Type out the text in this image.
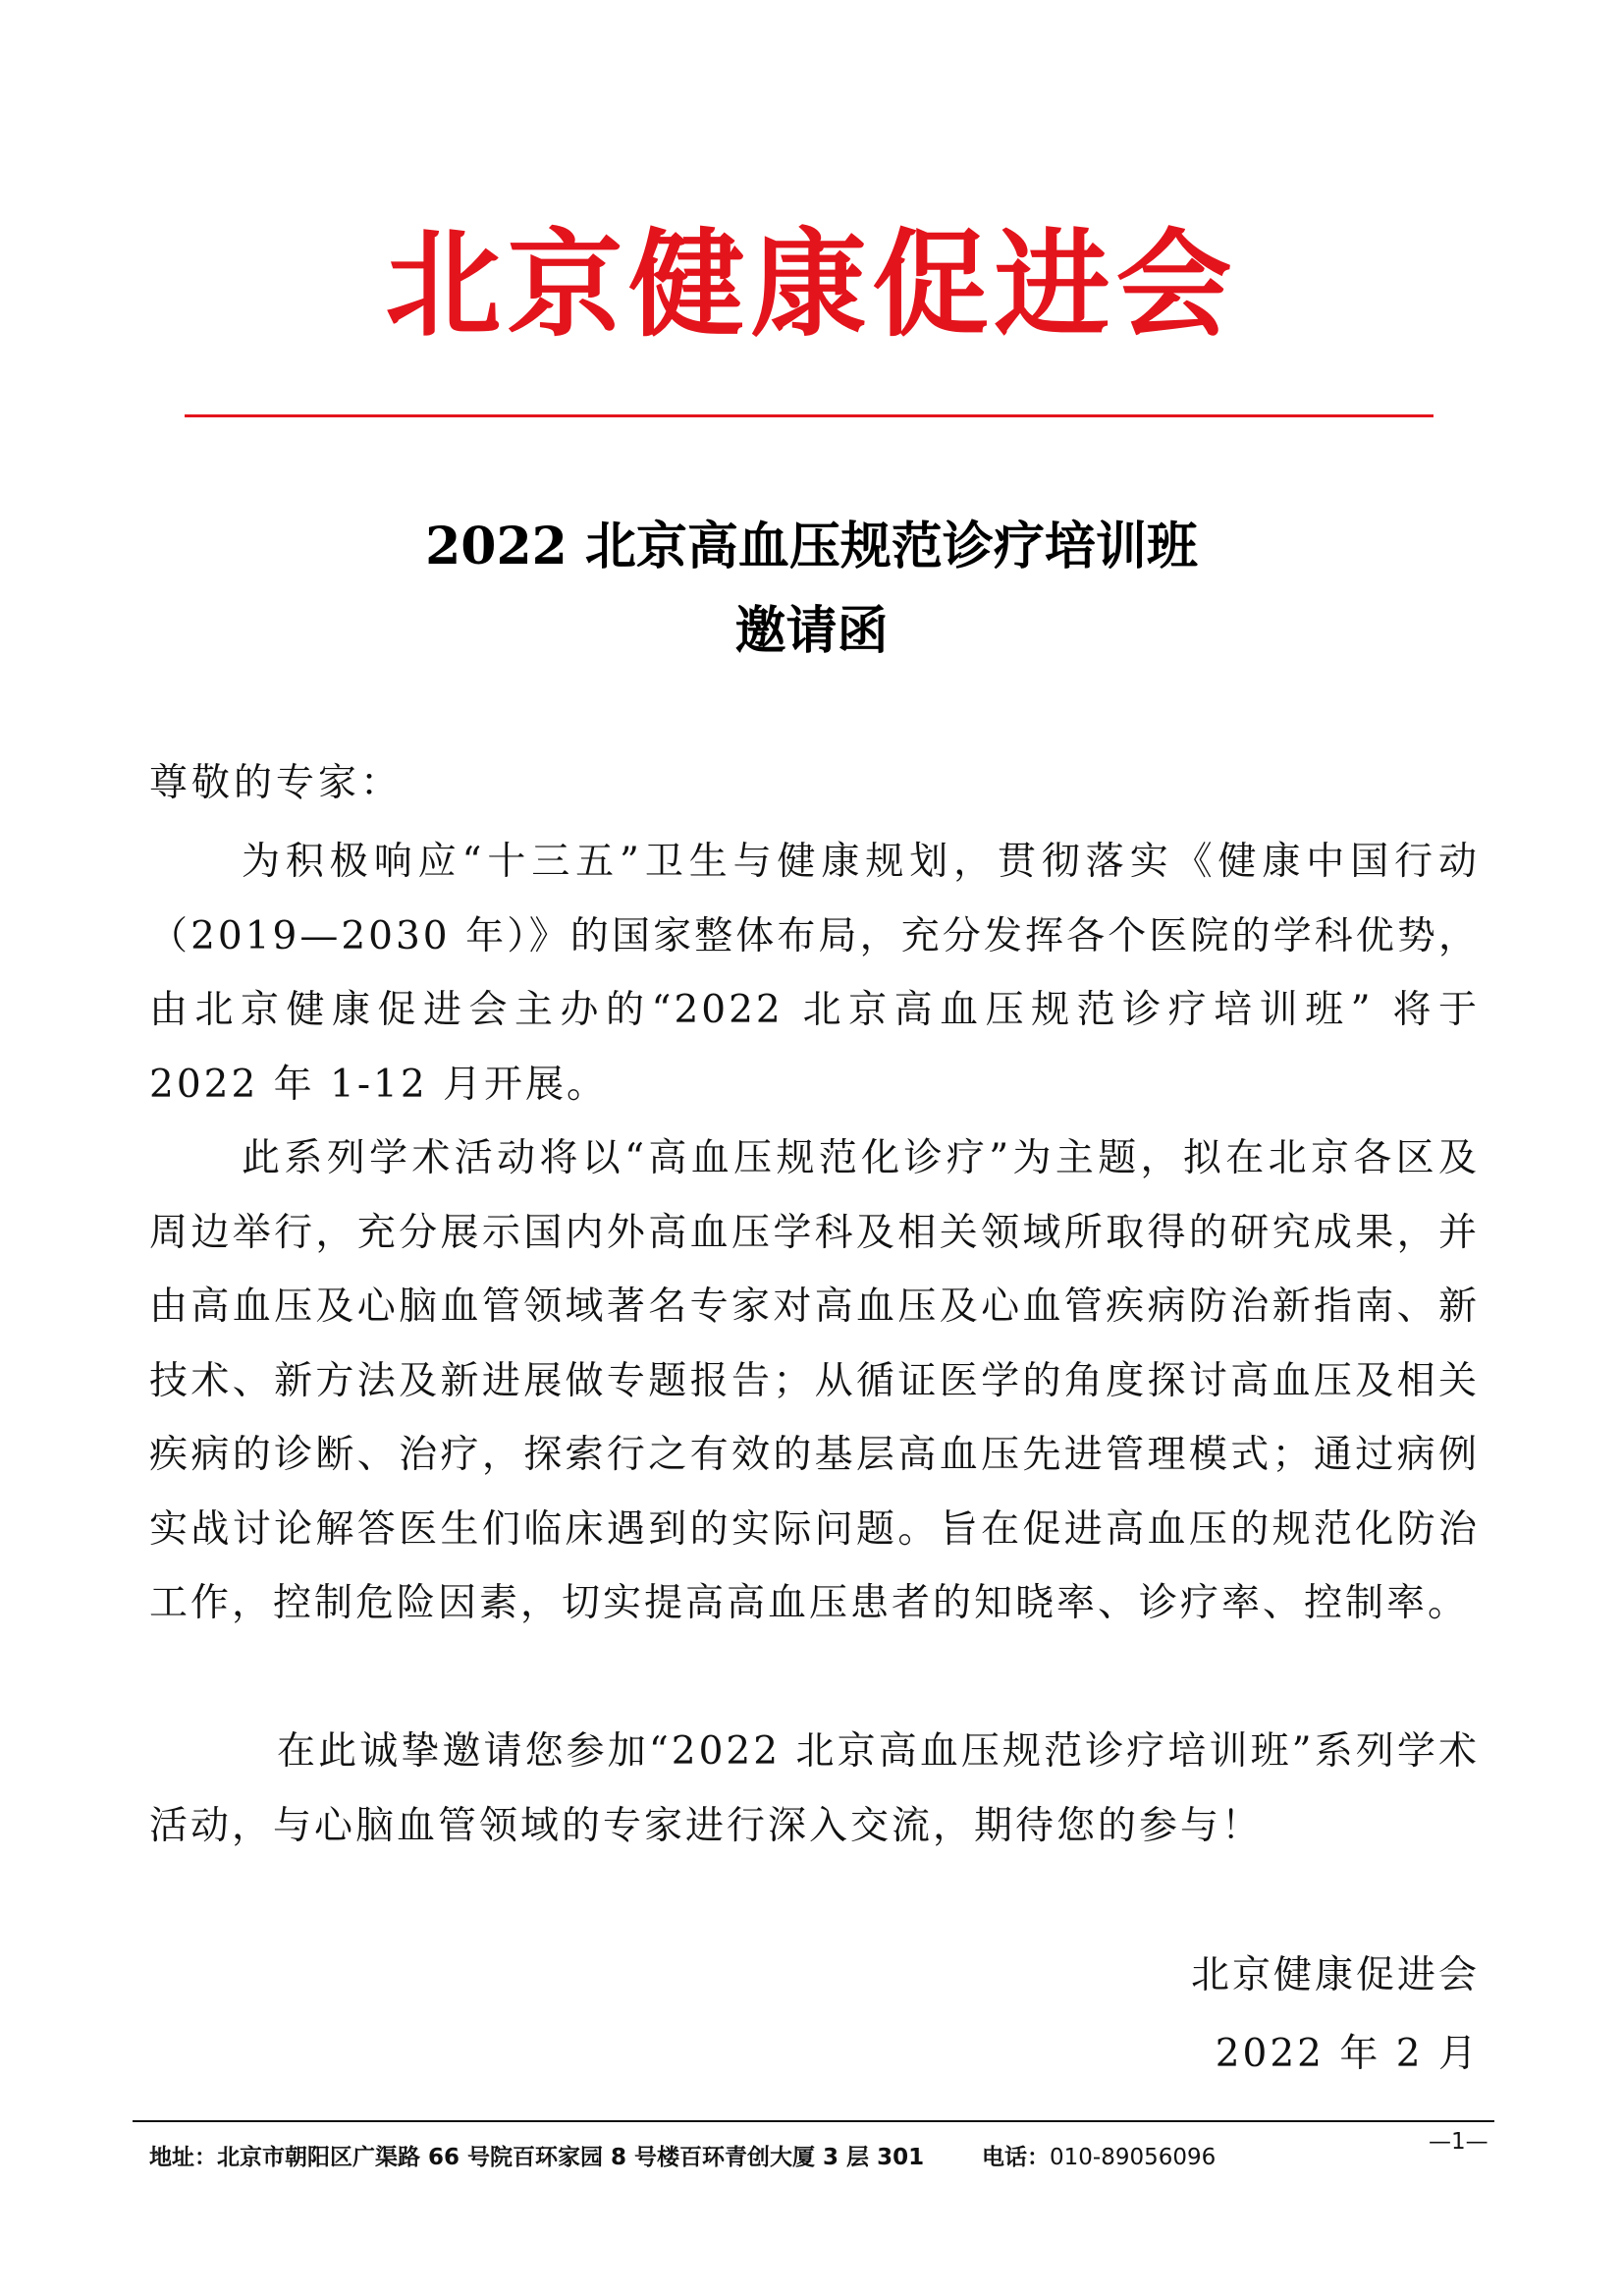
北京健康促进会
2022 北京高血压规范诊疗培训班
邀请函
尊敬的专家：

为积极响应“十三五”卫生与健康规划，贯彻落实《健康中国行动（2019—2030 年）》的国家整体布局，充分发挥各个医院的学科优势，由北京健康促进会主办的“2022 北京高血压规范诊疗培训班” 将于 2022 年 1-12 月开展。

此系列学术活动将以“高血压规范化诊疗”为主题，拟在北京各区及周边举行，充分展示国内外高血压学科及相关领域所取得的研究成果，并由高血压及心脑血管领域著名专家对高血压及心血管疾病防治新指南、新技术、新方法及新进展做专题报告；从循证医学的角度探讨高血压及相关疾病的诊断、治疗，探索行之有效的基层高血压先进管理模式；通过病例实战讨论解答医生们临床遇到的实际问题。旨在促进高血压的规范化防治工作，控制危险因素，切实提高高血压患者的知晓率、诊疗率、控制率。

在此诚挚邀请您参加“2022 北京高血压规范诊疗培训班”系列学术活动，与心脑血管领域的专家进行深入交流，期待您的参与！

北京健康促进会
2022 年 2 月
地址：北京市朝阳区广渠路 66 号院百环家园 8 号楼百环青创大厦 3 层 301	电话：010-89056096
—1—
